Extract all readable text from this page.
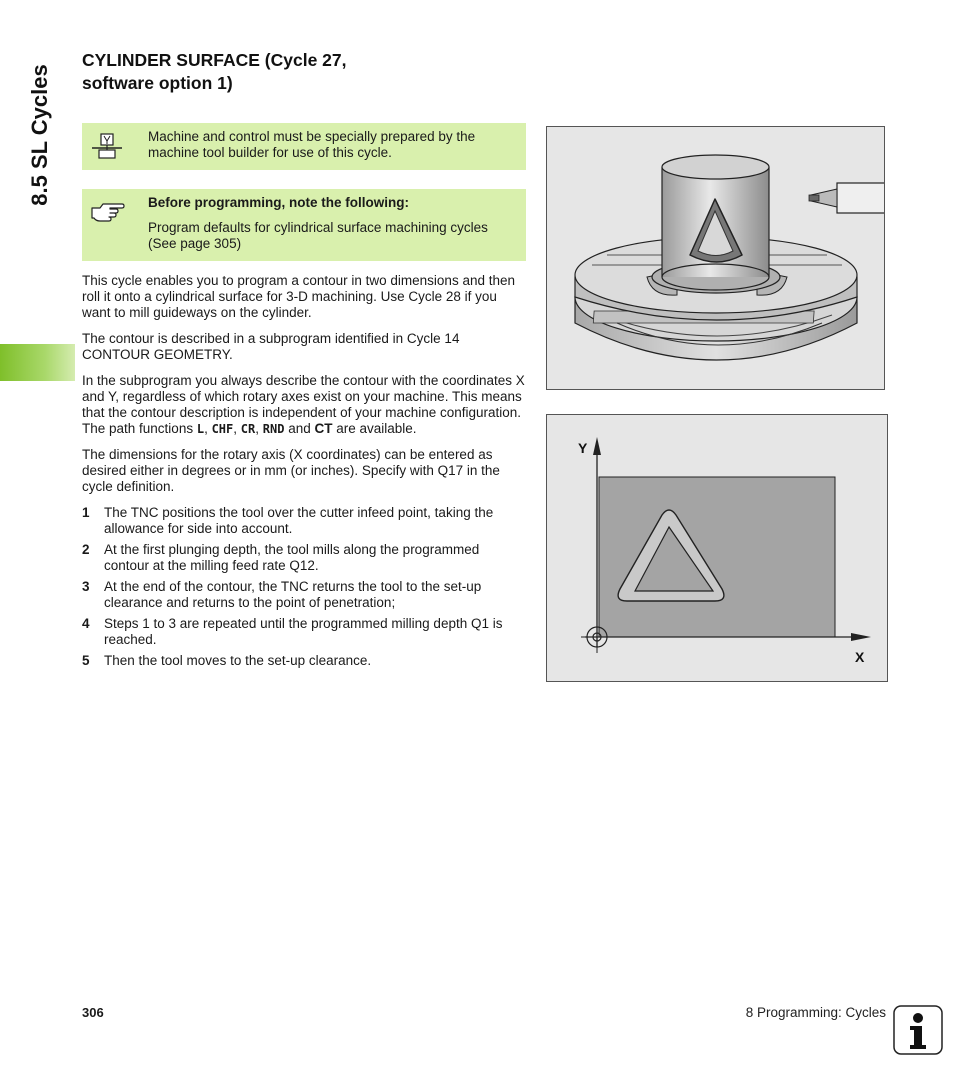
8.5 SL Cycles
CYLINDER SURFACE (Cycle 27,
software option 1)
Machine and control must be specially prepared by the machine tool builder for use of this cycle.
Before programming, note the following:
Program defaults for cylindrical surface machining cycles (See page 305)

This cycle enables you to program a contour in two dimensions and then roll it onto a cylindrical surface for 3-D machining. Use Cycle 28 if you want to mill guideways on the cylinder.

The contour is described in a subprogram identified in Cycle 14 CONTOUR GEOMETRY.

In the subprogram you always describe the contour with the coordinates X and Y, regardless of which rotary axes exist on your machine. This means that the contour description is independent of your machine configuration. The path functions L, CHF, CR, RND and CT are available.

The dimensions for the rotary axis (X coordinates) can be entered as desired either in degrees or in mm (or inches). Specify with Q17 in the cycle definition.

1 The TNC positions the tool over the cutter infeed point, taking the allowance for side into account.
2 At the first plunging depth, the tool mills along the programmed contour at the milling feed rate Q12.
3 At the end of the contour, the TNC returns the tool to the set-up clearance and returns to the point of penetration;
4 Steps 1 to 3 are repeated until the programmed milling depth Q1 is reached.
5 Then the tool moves to the set-up clearance.
Y
X
306	8 Programming: Cycles
